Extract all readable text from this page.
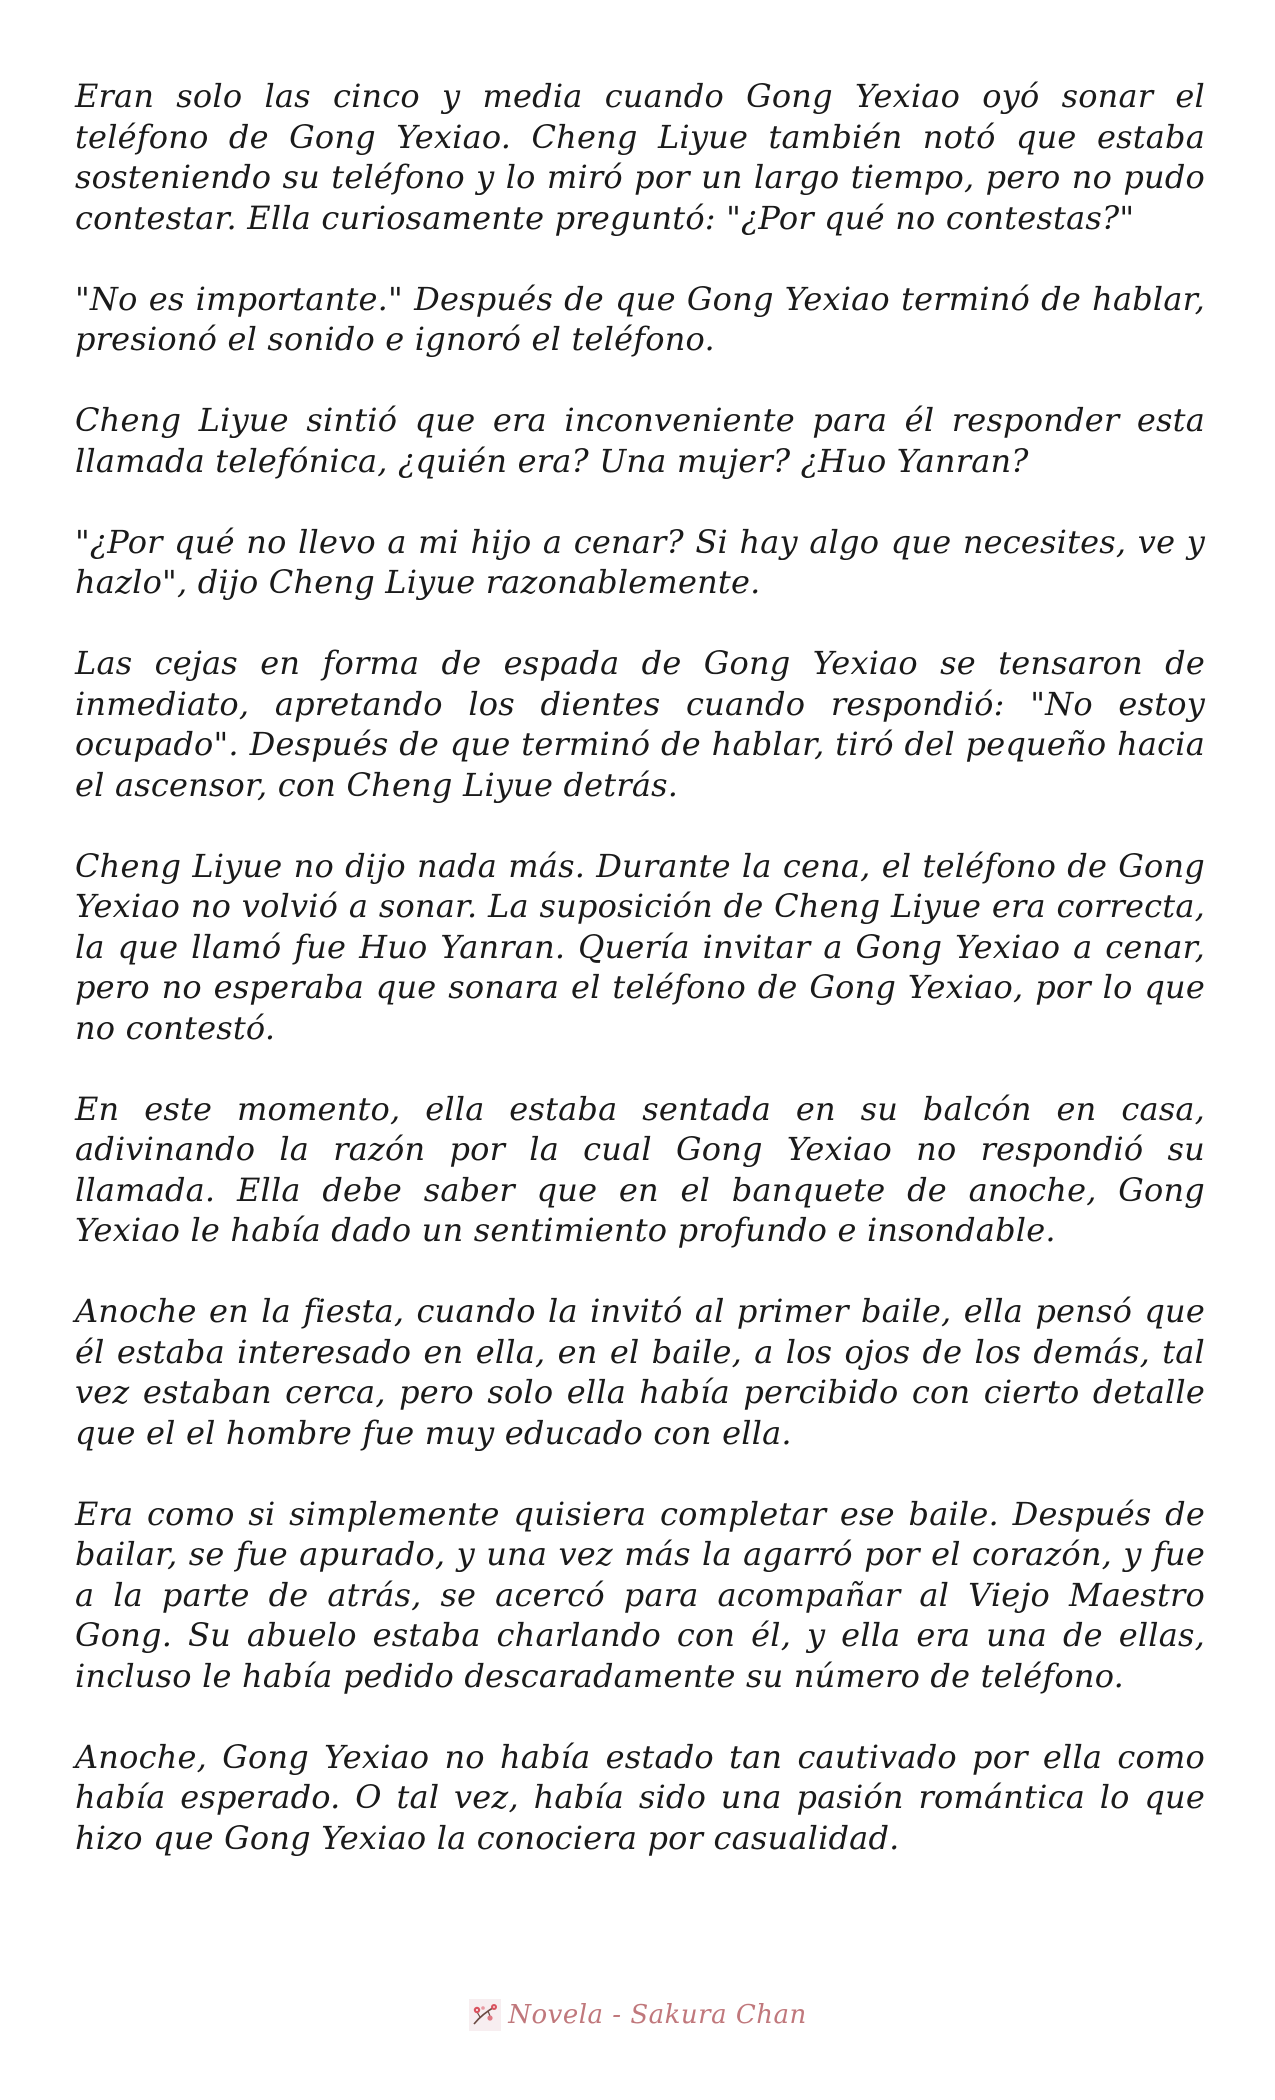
Eran solo las cinco y media cuando Gong Yexiao oyó sonar el teléfono de Gong Yexiao. Cheng Liyue también notó que estaba sosteniendo su teléfono y lo miró por un largo tiempo, pero no pudo contestar. Ella curiosamente preguntó: "¿Por qué no contestas?"

"No es importante." Después de que Gong Yexiao terminó de hablar, presionó el sonido e ignoró el teléfono.

Cheng Liyue sintió que era inconveniente para él responder esta llamada telefónica, ¿quién era? Una mujer? ¿Huo Yanran?

"¿Por qué no llevo a mi hijo a cenar? Si hay algo que necesites, ve y hazlo", dijo Cheng Liyue razonablemente.

Las cejas en forma de espada de Gong Yexiao se tensaron de inmediato, apretando los dientes cuando respondió: "No estoy ocupado". Después de que terminó de hablar, tiró del pequeño hacia el ascensor, con Cheng Liyue detrás.

Cheng Liyue no dijo nada más. Durante la cena, el teléfono de Gong Yexiao no volvió a sonar. La suposición de Cheng Liyue era correcta, la que llamó fue Huo Yanran. Quería invitar a Gong Yexiao a cenar, pero no esperaba que sonara el teléfono de Gong Yexiao, por lo que no contestó.

En este momento, ella estaba sentada en su balcón en casa, adivinando la razón por la cual Gong Yexiao no respondió su llamada. Ella debe saber que en el banquete de anoche, Gong Yexiao le había dado un sentimiento profundo e insondable.

Anoche en la fiesta, cuando la invitó al primer baile, ella pensó que él estaba interesado en ella, en el baile, a los ojos de los demás, tal vez estaban cerca, pero solo ella había percibido con cierto detalle que el el hombre fue muy educado con ella.

Era como si simplemente quisiera completar ese baile. Después de bailar, se fue apurado, y una vez más la agarró por el corazón, y fue a la parte de atrás, se acercó para acompañar al Viejo Maestro Gong. Su abuelo estaba charlando con él, y ella era una de ellas, incluso le había pedido descaradamente su número de teléfono.

Anoche, Gong Yexiao no había estado tan cautivado por ella como había esperado. O tal vez, había sido una pasión romántica lo que hizo que Gong Yexiao la conociera por casualidad.

Novela - Sakura Chan
